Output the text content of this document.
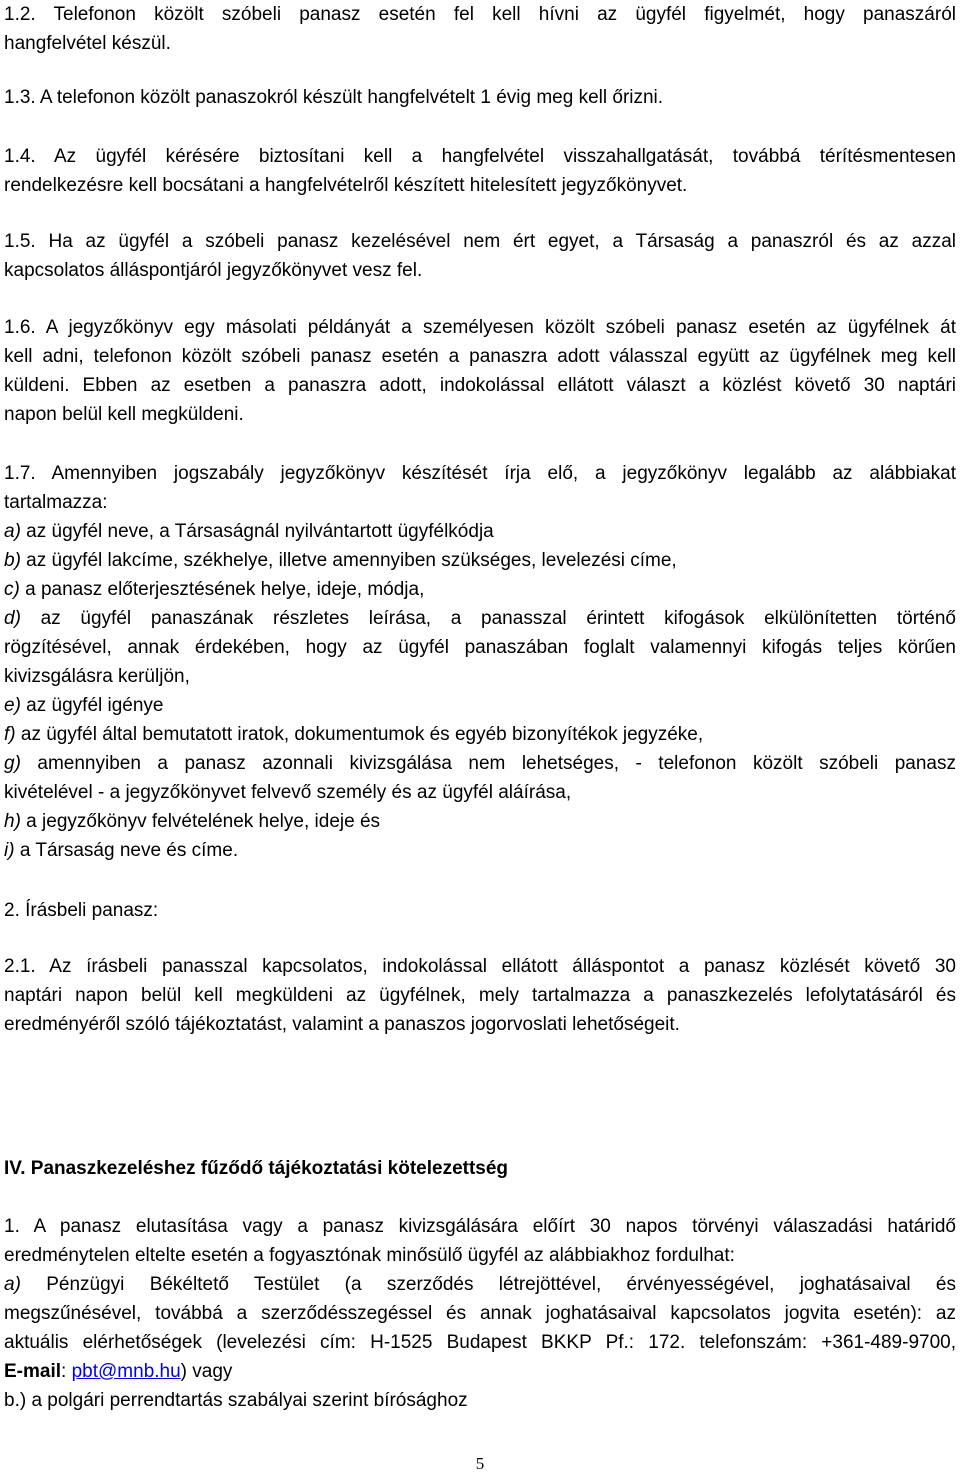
1.2. Telefonon közölt szóbeli panasz esetén fel kell hívni az ügyfél figyelmét, hogy panaszáról
hangfelvétel készül.
1.3. A telefonon közölt panaszokról készült hangfelvételt 1 évig meg kell őrizni.
1.4. Az ügyfél kérésére biztosítani kell a hangfelvétel visszahallgatását, továbbá térítésmentesen
rendelkezésre kell bocsátani a hangfelvételről készített hitelesített jegyzőkönyvet.
1.5. Ha az ügyfél a szóbeli panasz kezelésével nem ért egyet, a Társaság a panaszról és az azzal
kapcsolatos álláspontjáról jegyzőkönyvet vesz fel.
1.6. A jegyzőkönyv egy másolati példányát a személyesen közölt szóbeli panasz esetén az ügyfélnek át
kell adni, telefonon közölt szóbeli panasz esetén a panaszra adott válasszal együtt az ügyfélnek meg kell
küldeni. Ebben az esetben a panaszra adott, indokolással ellátott választ a közlést követő 30 naptári
napon belül kell megküldeni.
1.7. Amennyiben jogszabály jegyzőkönyv készítését írja elő, a jegyzőkönyv legalább az alábbiakat
tartalmazza:
a) az ügyfél neve, a Társaságnál nyilvántartott ügyfélkódja
b) az ügyfél lakcíme, székhelye, illetve amennyiben szükséges, levelezési címe,
c) a panasz előterjesztésének helye, ideje, módja,
d) az ügyfél panaszának részletes leírása, a panasszal érintett kifogások elkülönítetten történő
rögzítésével, annak érdekében, hogy az ügyfél panaszában foglalt valamennyi kifogás teljes körűen
kivizsgálásra kerüljön,
e) az ügyfél igénye
f) az ügyfél által bemutatott iratok, dokumentumok és egyéb bizonyítékok jegyzéke,
g) amennyiben a panasz azonnali kivizsgálása nem lehetséges, - telefonon közölt szóbeli panasz
kivételével - a jegyzőkönyvet felvevő személy és az ügyfél aláírása,
h) a jegyzőkönyv felvételének helye, ideje és
i) a Társaság neve és címe.
2. Írásbeli panasz:
2.1. Az írásbeli panasszal kapcsolatos, indokolással ellátott álláspontot a panasz közlését követő 30
naptári napon belül kell megküldeni az ügyfélnek, mely tartalmazza a panaszkezelés lefolytatásáról és
eredményéről szóló tájékoztatást, valamint a panaszos jogorvoslati lehetőségeit.
IV. Panaszkezeléshez fűződő tájékoztatási kötelezettség
1. A panasz elutasítása vagy a panasz kivizsgálására előírt 30 napos törvényi válaszadási határidő
eredménytelen eltelte esetén a fogyasztónak minősülő ügyfél az alábbiakhoz fordulhat:
a) Pénzügyi Békéltető Testület (a szerződés létrejöttével, érvényességével, joghatásaival és
megszűnésével, továbbá a szerződésszegéssel és annak joghatásaival kapcsolatos jogvita esetén): az
aktuális elérhetőségek (levelezési cím: H-1525 Budapest BKKP Pf.: 172. telefonszám: +361-489-9700,
E-mail: pbt@mnb.hu) vagy
b.) a polgári perrendtartás szabályai szerint bírósághoz
5
